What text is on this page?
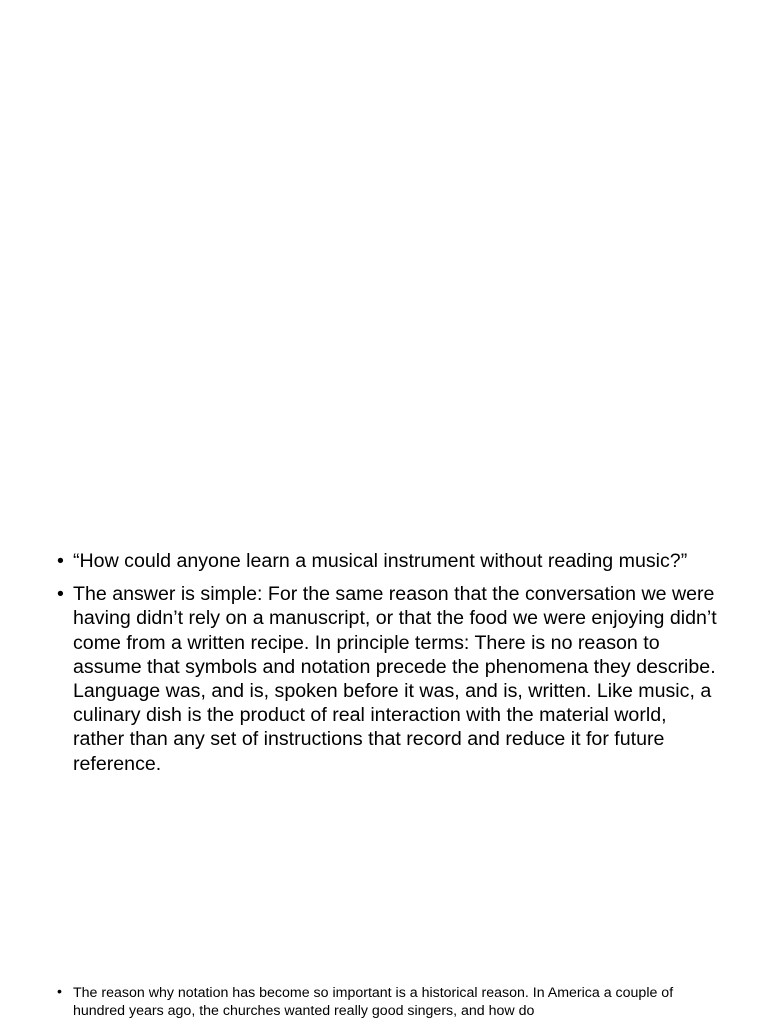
• “How could anyone learn a musical instrument without reading music?”
• The answer is simple: For the same reason that the conversation we were having didn’t rely on a manuscript, or that the food we were enjoying didn’t come from a written recipe. In principle terms: There is no reason to assume that symbols and notation precede the phenomena they describe. Language was, and is, spoken before it was, and is, written. Like music, a culinary dish is the product of real interaction with the material world, rather than any set of instructions that record and reduce it for future reference.
• The reason why notation has become so important is a historical reason. In America a couple of hundred years ago, the churches wanted really good singers, and how do
